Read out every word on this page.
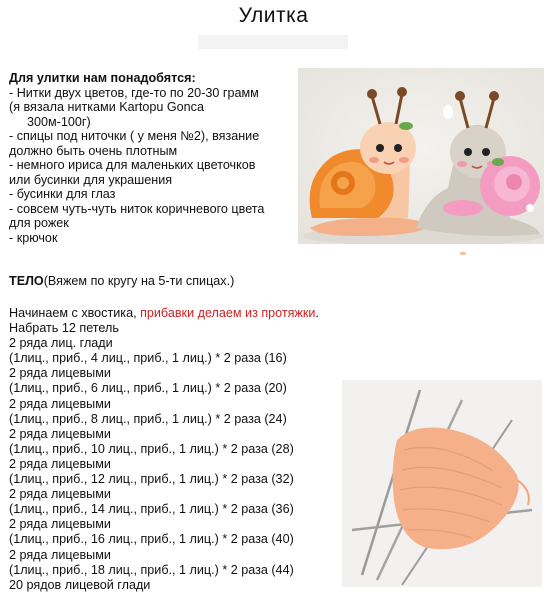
Улитка
Для улитки нам понадобятся:
- Нитки двух цветов, где-то по 20-30 грамм
(я вязала нитками Kartopu Gonca
300м-100г)
- спицы под ниточки ( у меня №2), вязание
должно быть очень плотным
- немного ириса для маленьких цветочков
или бусинки для украшения
- бусинки для глаз
- совсем чуть-чуть ниток коричневого цвета
для рожек
- крючок
ТЕЛО(Вяжем по кругу на 5-ти спицах.)
Начинаем с хвостика, прибавки делаем из протяжки.
Набрать 12 петель
2 ряда лиц. глади
(1лиц., приб., 4 лиц., приб., 1 лиц.) * 2 раза (16)
2 ряда лицевыми
(1лиц., приб., 6 лиц., приб., 1 лиц.) * 2 раза (20)
2 ряда лицевыми
(1лиц., приб., 8 лиц., приб., 1 лиц.) * 2 раза (24)
2 ряда лицевыми
(1лиц., приб., 10 лиц., приб., 1 лиц.) * 2 раза (28)
2 ряда лицевыми
(1лиц., приб., 12 лиц., приб., 1 лиц.) * 2 раза (32)
2 ряда лицевыми
(1лиц., приб., 14 лиц., приб., 1 лиц.) * 2 раза (36)
2 ряда лицевыми
(1лиц., приб., 16 лиц., приб., 1 лиц.) * 2 раза (40)
2 ряда лицевыми
(1лиц., приб., 18 лиц., приб., 1 лиц.) * 2 раза (44)
20 рядов лицевой глади
